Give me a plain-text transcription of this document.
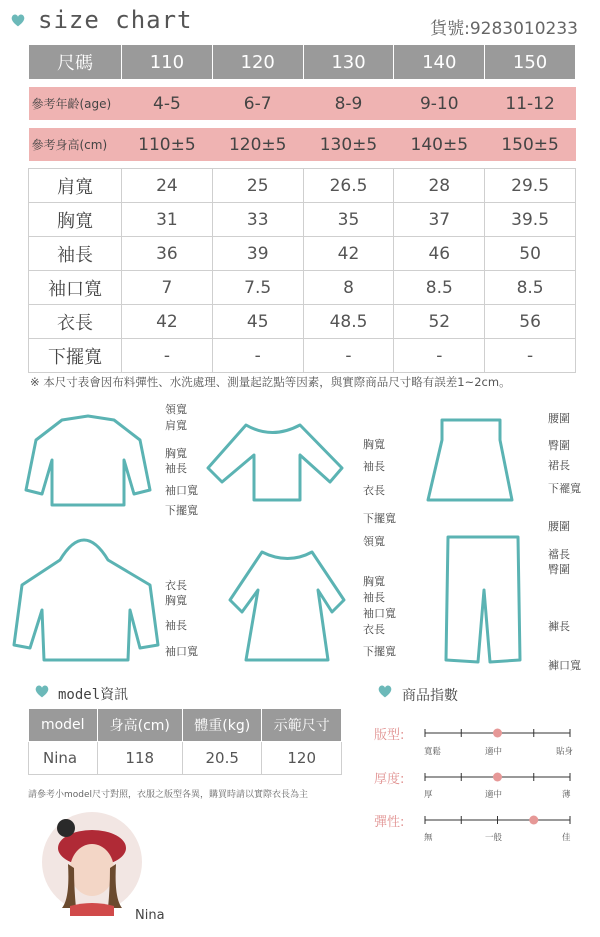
size chart	貨號:9283010233
尺碼	110	120	130	140	150

參考年齡(age)	4-5	6-7	8-9	9-10	11-12

參考身高(cm)	110±5	120±5	130±5	140±5	150±5

肩寬	24	25	26.5	28	29.5
胸寬	31	33	35	37	39.5
袖長	36	39	42	46	50
袖口寬	7	7.5	8	8.5	8.5
衣長	42	45	48.5	52	56
下擺寬	-	-	-	-	-
※ 本尺寸表會因布料彈性、水洗處理、測量起訖點等因素，與實際商品尺寸略有誤差1~2cm。
領寬
肩寬
胸寬
袖長
袖口寬
下擺寬
胸寬
袖長
衣長
下擺寬
腰圍
臀圍
裙長
下襬寬
衣長
胸寬
袖長
袖口寬
領寬
胸寬
袖長
袖口寬
衣長
下擺寬
腰圍
襠長
臀圍
褲長
褲口寬
model資訊
model	身高(cm)	體重(kg)	示範尺寸
Nina	118	20.5	120
請參考小model尺寸對照，衣服之版型各異，購買時請以實際衣長為主
Nina
商品指數
版型:
寬鬆	適中	貼身
厚度:
厚	適中	薄
彈性:
無	一般	佳
